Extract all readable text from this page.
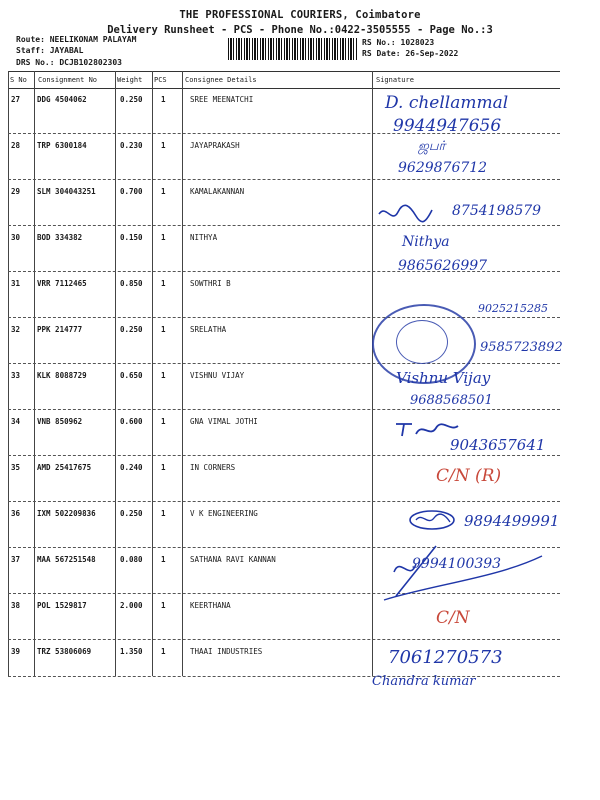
THE PROFESSIONAL COURIERS, Coimbatore
Delivery Runsheet - PCS - Phone No.:0422-3505555 - Page No.:3
Route: NEELIKONAM PALAYAM
Staff: JAYABAL
DRS No.: DCJB102802303
RS No.: 1028023
RS Date: 26-Sep-2022
S No Consignment No	Weight PCS	Consignee Details	Signature
27 DDG 4504062	0.250 1	SREE MEENATCHI	D. chellammal
9944947656
28 TRP 6300184	0.230 1	JAYAPRAKASH	ஜபர்
9629876712
29 SLM 304043251	0.700 1	KAMALAKANNAN
8754198579
30 BOD 334382	0.150 1	NITHYA	Nithya
9865626997
31 VRR 7112465	0.850 1	SOWTHRI B
9025215285
32 PPK 214777	0.250 1	SRELATHA
9585723892
33 KLK 8088729	0.650 1	VISHNU VIJAY	Vishnu Vijay
9688568501
34 VNB 850962	0.600 1	GNA VIMAL JOTHI
9043657641
35 AMD 25417675	0.240 1	IN CORNERS	C/N (R)
36 IXM 502209836	0.250 1	V K ENGINEERING	9894499991
37 MAA 567251548	0.080 1	SATHANA RAVI KANNAN	9994100393
38 POL 1529817	2.000 1	KEERTHANA
C/N
39 TRZ 53806069	1.350 1	THAAI INDUSTRIES	7061270573
Chandra kumar
